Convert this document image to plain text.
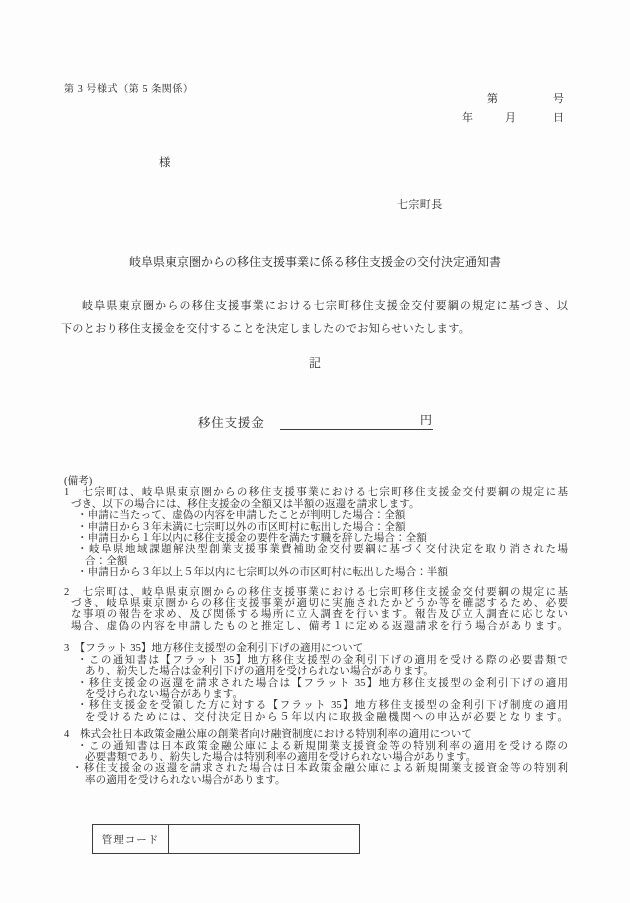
第 3 号様式（第 5 条関係）
第	号
年	月	日
様
七宗町長
岐阜県東京圏からの移住支援事業に係る移住支援金の交付決定通知書
岐阜県東京圏からの移住支援事業における七宗町移住支援金交付要綱の規定に基づき、以
下のとおり移住支援金を交付することを決定しましたのでお知らせいたします。
記
移住支援金	円
(備考)
1　七宗町は、岐阜県東京圏からの移住支援事業における七宗町移住支援金交付要綱の規定に基
づき、以下の場合には、移住支援金の全額又は半額の返還を請求します。
・申請に当たって、虚偽の内容を申請したことが判明した場合：全額
・申請日から３年未満に七宗町以外の市区町村に転出した場合：全額
・申請日から１年以内に移住支援金の要件を満たす職を辞した場合：全額
・岐阜県地域課題解決型創業支援事業費補助金交付要綱に基づく交付決定を取り消された場
合：全額
・申請日から３年以上５年以内に七宗町以外の市区町村に転出した場合：半額
2　七宗町は、岐阜県東京圏からの移住支援事業における七宗町移住支援金交付要綱の規定に基
づき、岐阜県東京圏からの移住支援事業が適切に実施されたかどうか等を確認するため、必要
な事項の報告を求め、及び関係する場所に立入調査を行います。報告及び立入調査に応じない
場合、虚偽の内容を申請したものと推定し、備考１に定める返還請求を行う場合があります。
3　【フラット 35】地方移住支援型の金利引下げの適用について
・この通知書は【フラット 35】地方移住支援型の金利引下げの適用を受ける際の必要書類で
あり、紛失した場合は金利引下げの適用を受けられない場合があります。
・移住支援金の返還を請求された場合は【フラット 35】地方移住支援型の金利引下げの適用
を受けられない場合があります。
・移住支援金を受領した方に対する【フラット 35】地方移住支援型の金利引下げ制度の適用
を受けるためには、交付決定日から５年以内に取扱金融機関への申込が必要となります。
4　株式会社日本政策金融公庫の創業者向け融資制度における特別利率の適用について
・この通知書は日本政策金融公庫による新規開業支援資金等の特別利率の適用を受ける際の
必要書類であり、紛失した場合は特別利率の適用を受けられない場合があります。
・移住支援金の返還を請求された場合は日本政策金融公庫による新規開業支援資金等の特別利
率の適用を受けられない場合があります。
管理コード
